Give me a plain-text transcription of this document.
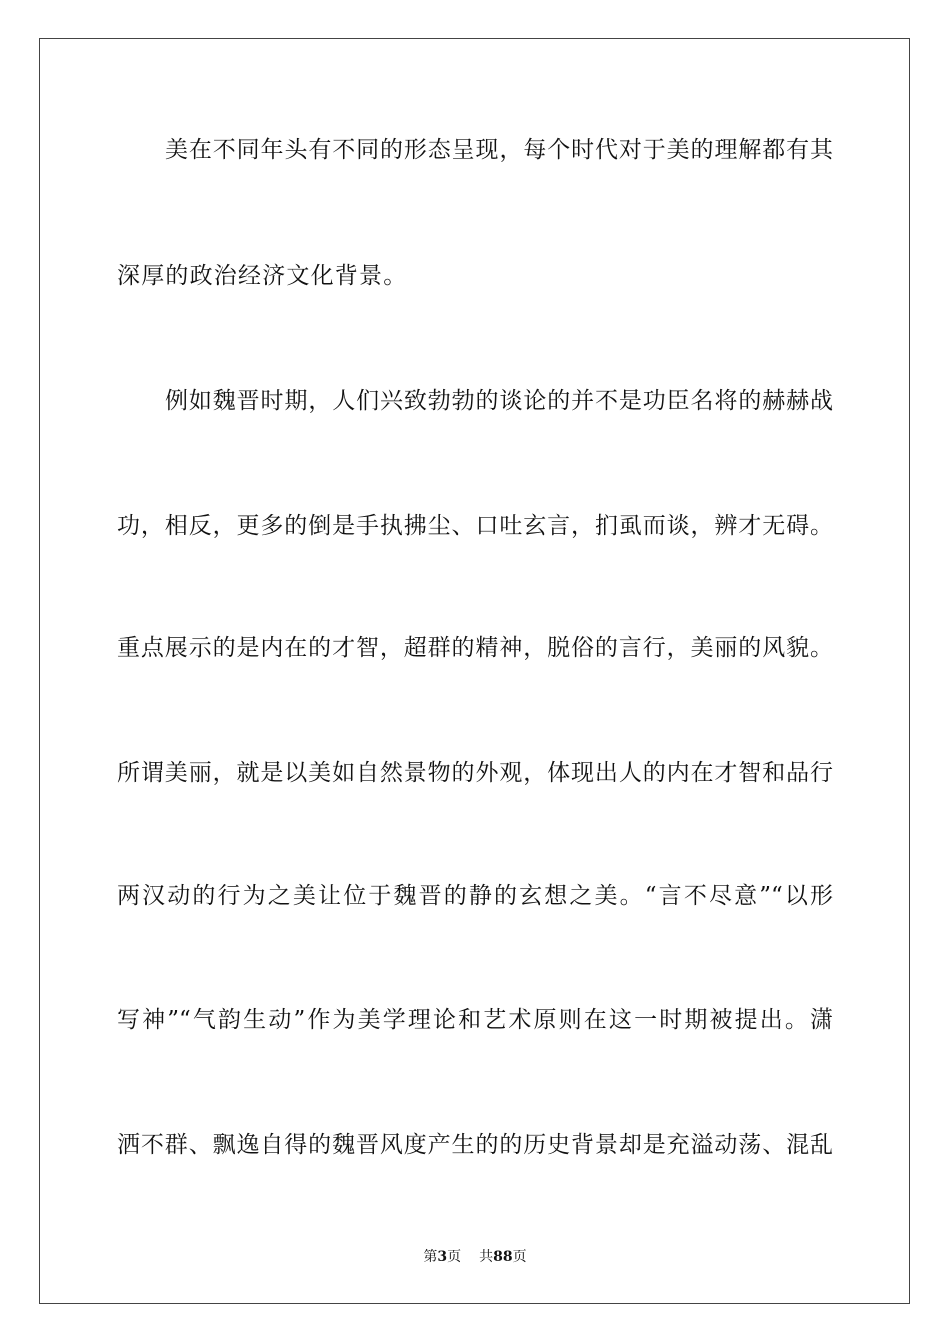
美在不同年头有不同的形态呈现，每个时代对于美的理解都有其
深厚的政治经济文化背景。
例如魏晋时期，人们兴致勃勃的谈论的并不是功臣名将的赫赫战
功，相反，更多的倒是手执拂尘、口吐玄言，扪虱而谈，辨才无碍。
重点展示的是内在的才智，超群的精神，脱俗的言行，美丽的风貌。
所谓美丽，就是以美如自然景物的外观，体现出人的内在才智和品行
两汉动的行为之美让位于魏晋的静的玄想之美。“言不尽意”“以形
写神”“气韵生动”作为美学理论和艺术原则在这一时期被提出。潇
洒不群、飘逸自得的魏晋风度产生的的历史背景却是充溢动荡、混乱
第3页 共88页
